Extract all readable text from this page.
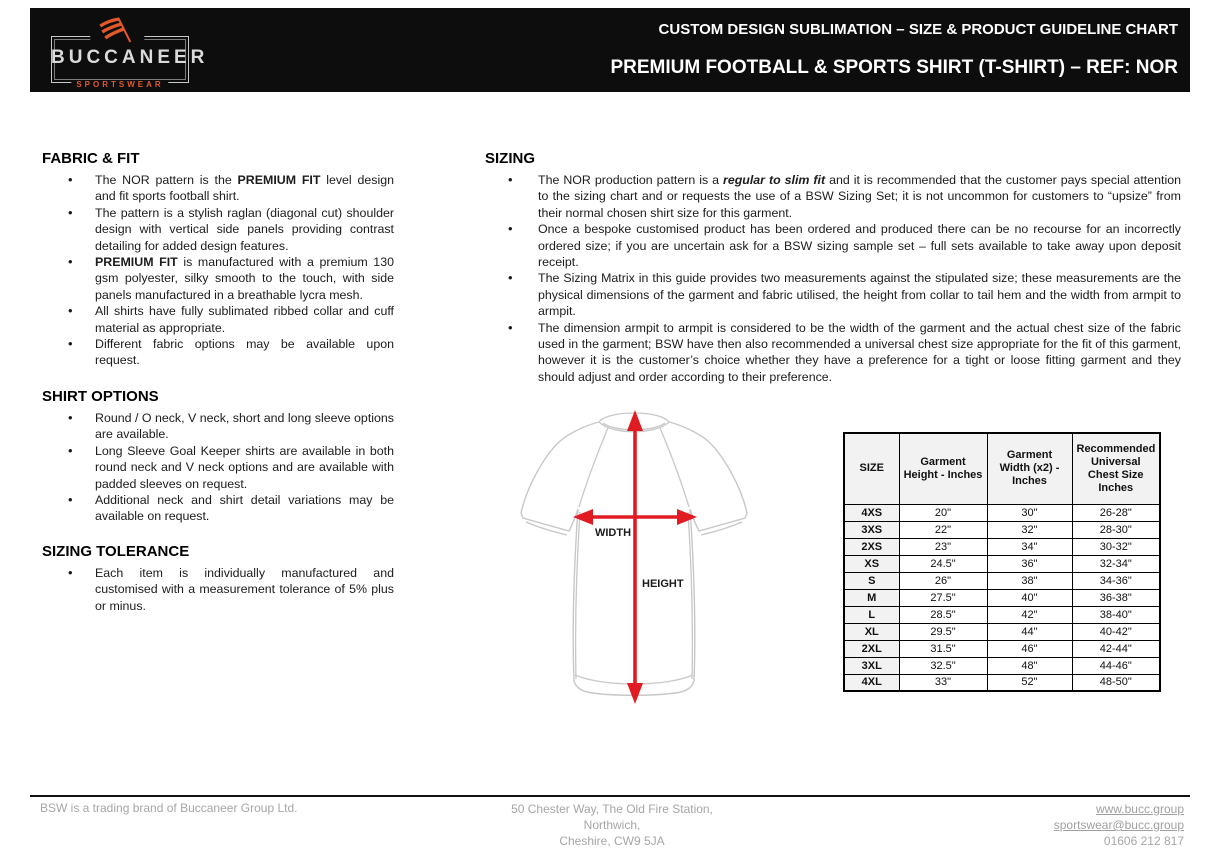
BUCCANEER
SPORTSWEAR
CUSTOM DESIGN SUBLIMATION – SIZE & PRODUCT GUIDELINE CHART
PREMIUM FOOTBALL & SPORTS SHIRT (T-SHIRT) – REF: NOR
FABRIC & FIT
• The NOR pattern is the PREMIUM FIT level design and fit sports football shirt.
• The pattern is a stylish raglan (diagonal cut) shoulder design with vertical side panels providing contrast detailing for added design features.
• PREMIUM FIT is manufactured with a premium 130 gsm polyester, silky smooth to the touch, with side panels manufactured in a breathable lycra mesh.
• All shirts have fully sublimated ribbed collar and cuff material as appropriate.
• Different fabric options may be available upon request.
SHIRT OPTIONS
• Round / O neck, V neck, short and long sleeve options are available.
• Long Sleeve Goal Keeper shirts are available in both round neck and V neck options and are available with padded sleeves on request.
• Additional neck and shirt detail variations may be available on request.
SIZING TOLERANCE
• Each item is individually manufactured and customised with a measurement tolerance of 5% plus or minus.
SIZING
• The NOR production pattern is a regular to slim fit and it is recommended that the customer pays special attention to the sizing chart and or requests the use of a BSW Sizing Set; it is not uncommon for customers to “upsize” from their normal chosen shirt size for this garment.
• Once a bespoke customised product has been ordered and produced there can be no recourse for an incorrectly ordered size; if you are uncertain ask for a BSW sizing sample set – full sets available to take away upon deposit receipt.
• The Sizing Matrix in this guide provides two measurements against the stipulated size; these measurements are the physical dimensions of the garment and fabric utilised, the height from collar to tail hem and the width from armpit to armpit.
• The dimension armpit to armpit is considered to be the width of the garment and the actual chest size of the fabric used in the garment; BSW have then also recommended a universal chest size appropriate for the fit of this garment, however it is the customer’s choice whether they have a preference for a tight or loose fitting garment and they should adjust and order according to their preference.
WIDTH
HEIGHT
SIZE	Garment Height - Inches	Garment Width (x2) - Inches	Recommended Universal Chest Size Inches
4XS	20"	30"	26-28"
3XS	22"	32"	28-30"
2XS	23"	34"	30-32"
XS	24.5"	36"	32-34"
S	26"	38"	34-36"
M	27.5"	40"	36-38"
L	28.5"	42"	38-40"
XL	29.5"	44"	40-42"
2XL	31.5"	46"	42-44"
3XL	32.5"	48"	44-46"
4XL	33"	52"	48-50"
BSW is a trading brand of Buccaneer Group Ltd.	50 Chester Way, The Old Fire Station,
Northwich,
Cheshire, CW9 5JA
www.bucc.group
sportswear@bucc.group
01606 212 817
